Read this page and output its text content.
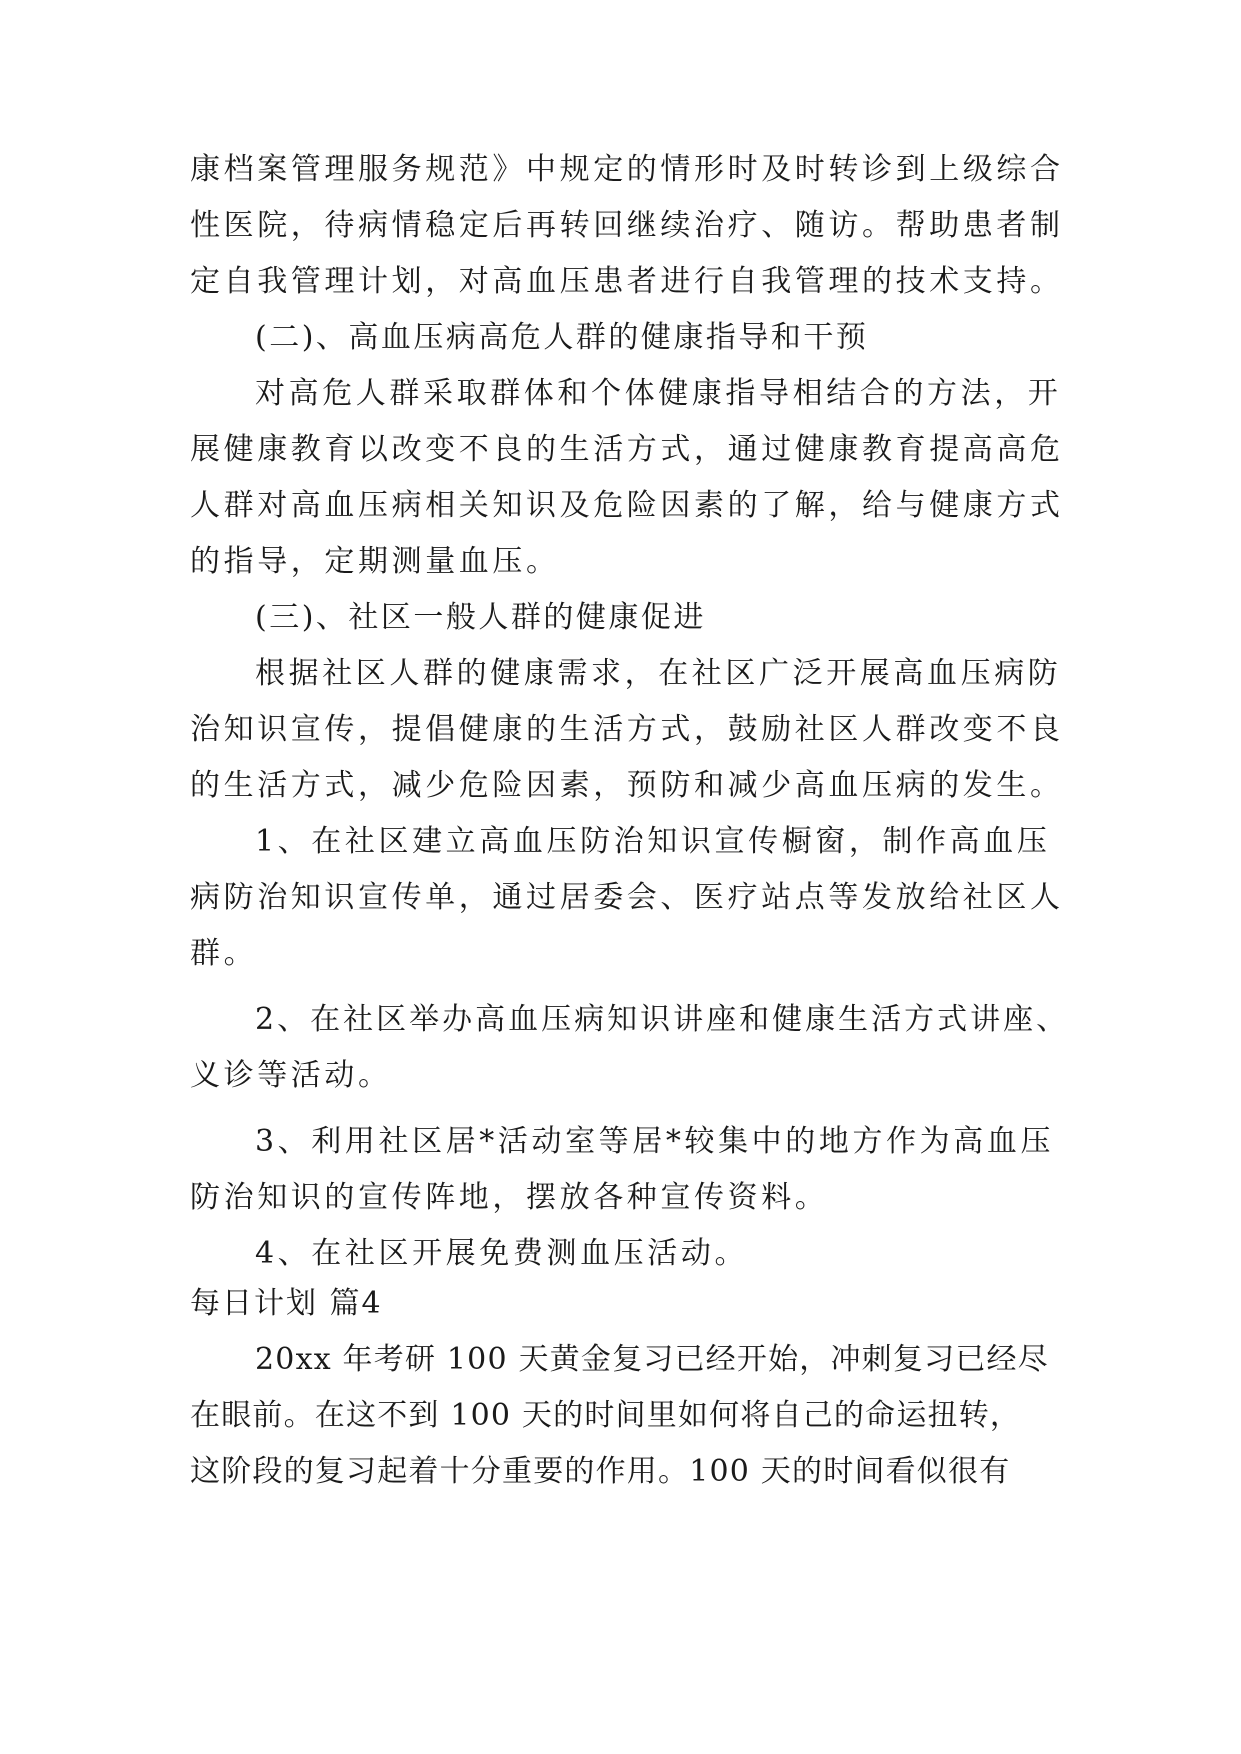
康档案管理服务规范》中规定的情形时及时转诊到上级综合
性医院，待病情稳定后再转回继续治疗、随访。帮助患者制
定自我管理计划，对高血压患者进行自我管理的技术支持。
(二)、高血压病高危人群的健康指导和干预
对高危人群采取群体和个体健康指导相结合的方法，开
展健康教育以改变不良的生活方式，通过健康教育提高高危
人群对高血压病相关知识及危险因素的了解，给与健康方式
的指导，定期测量血压。
(三)、社区一般人群的健康促进
根据社区人群的健康需求，在社区广泛开展高血压病防
治知识宣传，提倡健康的生活方式，鼓励社区人群改变不良
的生活方式，减少危险因素，预防和减少高血压病的发生。
1、在社区建立高血压防治知识宣传橱窗，制作高血压
病防治知识宣传单，通过居委会、医疗站点等发放给社区人
群。
2、在社区举办高血压病知识讲座和健康生活方式讲座、
义诊等活动。
3、利用社区居*活动室等居*较集中的地方作为高血压
防治知识的宣传阵地，摆放各种宣传资料。
4、在社区开展免费测血压活动。
每日计划 篇4
20xx 年考研 100 天黄金复习已经开始，冲刺复习已经尽
在眼前。在这不到 100 天的时间里如何将自己的命运扭转，
这阶段的复习起着十分重要的作用。100 天的时间看似很有
